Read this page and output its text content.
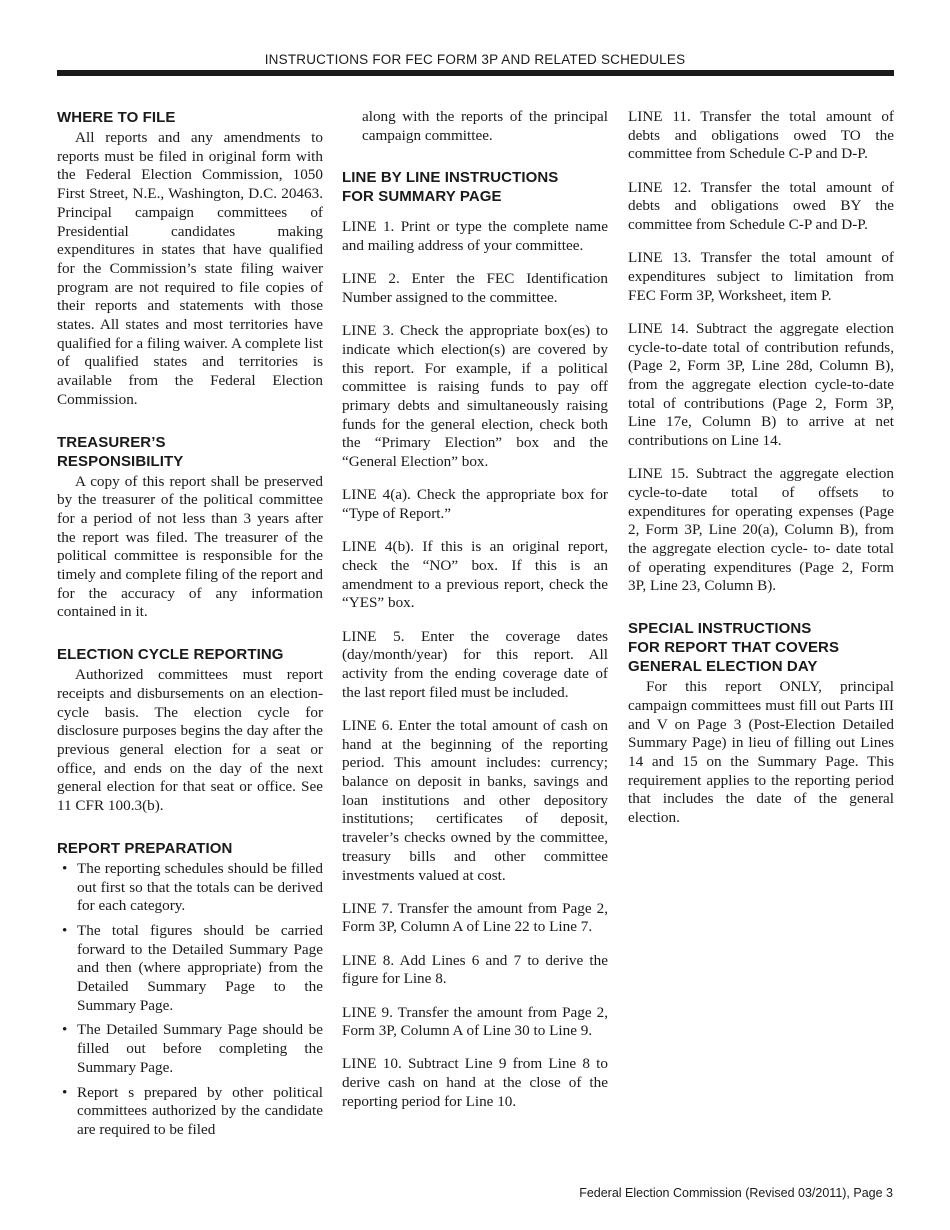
INSTRUCTIONS FOR FEC FORM 3P AND RELATED SCHEDULES
WHERE TO FILE

All reports and any amendments to reports must be filed in original form with the Federal Election Commission, 1050 First Street, N.E., Washington, D.C. 20463. Principal campaign committees of Presidential candidates making expenditures in states that have qualified for the Commission’s state filing waiver program are not required to file copies of their reports and statements with those states. All states and most territories have qualified for a filing waiver. A complete list of qualified states and territories is available from the Federal Election Commission.

TREASURER’S
RESPONSIBILITY

A copy of this report shall be preserved by the treasurer of the political committee for a period of not less than 3 years after the report was filed. The treasurer of the political committee is responsible for the timely and complete filing of the report and for the accuracy of any information contained in it.

ELECTION CYCLE REPORTING

Authorized committees must report receipts and disbursements on an election-cycle basis. The election cycle for disclosure purposes begins the day after the previous general election for a seat or office, and ends on the day of the next general election for that seat or office. See 11 CFR 100.3(b).

REPORT PREPARATION
• The reporting schedules should be filled out first so that the totals can be derived for each category.
• The total figures should be carried forward to the Detailed Summary Page and then (where appropriate) from the Detailed Summary Page to the Summary Page.
• The Detailed Summary Page should be filled out before completing the Summary Page.
• Report s prepared by other political committees authorized by the candidate are required to be filed

along with the reports of the principal campaign committee.

LINE BY LINE INSTRUCTIONS
FOR SUMMARY PAGE

LINE 1. Print or type the complete name and mailing address of your committee.

LINE 2. Enter the FEC Identification Number assigned to the committee.

LINE 3. Check the appropriate box(es) to indicate which election(s) are covered by this report. For example, if a political committee is raising funds to pay off primary debts and simultaneously raising funds for the general election, check both the “Primary Election” box and the “General Election” box.

LINE 4(a). Check the appropriate box for “Type of Report.”

LINE 4(b). If this is an original report, check the “NO” box. If this is an amendment to a previous report, check the “YES” box.

LINE 5. Enter the coverage dates (day/month/year) for this report. All activity from the ending coverage date of the last report filed must be included.

LINE 6. Enter the total amount of cash on hand at the beginning of the reporting period. This amount includes: currency; balance on deposit in banks, savings and loan institutions and other depository institutions; certificates of deposit, traveler’s checks owned by the committee, treasury bills and other committee investments valued at cost.

LINE 7. Transfer the amount from Page 2, Form 3P, Column A of Line 22 to Line 7.

LINE 8. Add Lines 6 and 7 to derive the figure for Line 8.

LINE 9. Transfer the amount from Page 2, Form 3P, Column A of Line 30 to Line 9.

LINE 10. Subtract Line 9 from Line 8 to derive cash on hand at the close of the reporting period for Line 10.

LINE 11. Transfer the total amount of debts and obligations owed TO the committee from Schedule C-P and D-P.

LINE 12. Transfer the total amount of debts and obligations owed BY the committee from Schedule C-P and D-P.

LINE 13. Transfer the total amount of expenditures subject to limitation from FEC Form 3P, Worksheet, item P.

LINE 14. Subtract the aggregate election cycle-to-date total of contribution refunds, (Page 2, Form 3P, Line 28d, Column B), from the aggregate election cycle-to-date total of contributions (Page 2, Form 3P, Line 17e, Column B) to arrive at net contributions on Line 14.

LINE 15. Subtract the aggregate election cycle-to-date total of offsets to expenditures for operating expenses (Page 2, Form 3P, Line 20(a), Column B), from the aggregate election cycle- to- date total of operating expenditures (Page 2, Form 3P, Line 23, Column B).

SPECIAL INSTRUCTIONS
FOR REPORT THAT COVERS
GENERAL ELECTION DAY

For this report ONLY, principal campaign committees must fill out Parts III and V on Page 3 (Post-Election Detailed Summary Page) in lieu of filling out Lines 14 and 15 on the Summary Page. This requirement applies to the reporting period that includes the date of the general election.

Federal Election Commission (Revised 03/2011), Page 3
